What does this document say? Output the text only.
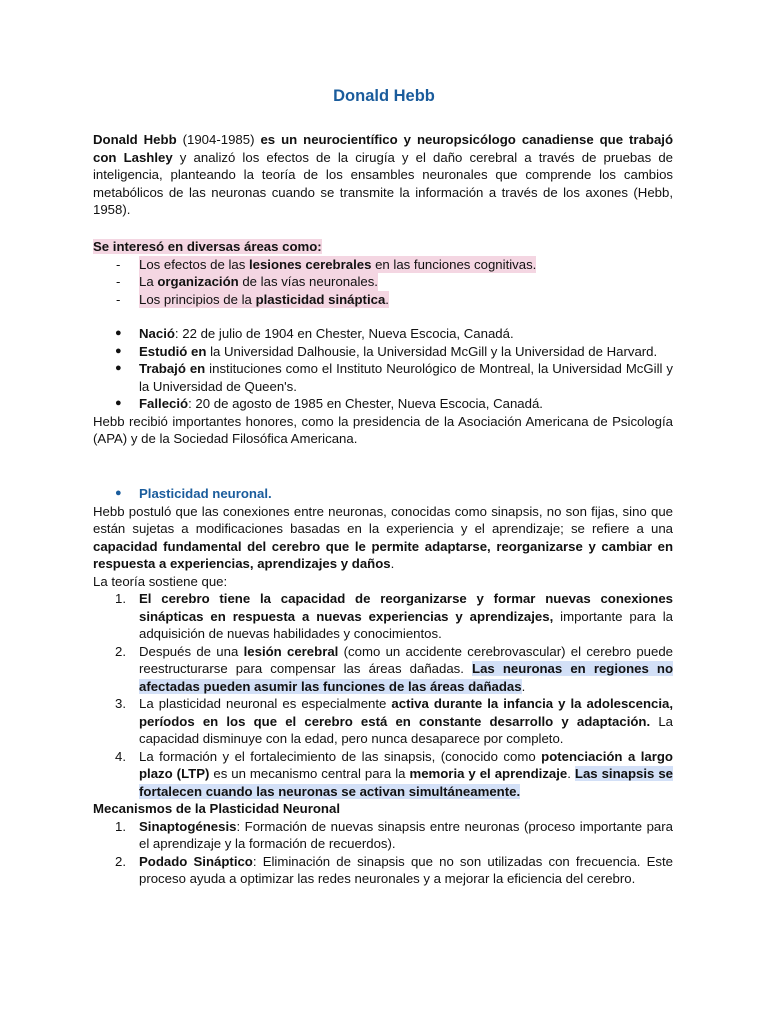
Donald Hebb

Donald Hebb (1904-1985) es un neurocientífico y neuropsicólogo canadiense que trabajó con Lashley y analizó los efectos de la cirugía y el daño cerebral a través de pruebas de inteligencia, planteando la teoría de los ensambles neuronales que comprende los cambios metabólicos de las neuronas cuando se transmite la información a través de los axones (Hebb, 1958).

Se interesó en diversas áreas como:
-	Los efectos de las lesiones cerebrales en las funciones cognitivas.
-	La organización de las vías neuronales.
-	Los principios de la plasticidad sináptica.
●	Nació: 22 de julio de 1904 en Chester, Nueva Escocia, Canadá.
●	Estudió en la Universidad Dalhousie, la Universidad McGill y la Universidad de Harvard.
●	Trabajó en instituciones como el Instituto Neurológico de Montreal, la Universidad McGill y la Universidad de Queen's.
●	Falleció: 20 de agosto de 1985 en Chester, Nueva Escocia, Canadá.

Hebb recibió importantes honores, como la presidencia de la Asociación Americana de Psicología (APA) y de la Sociedad Filosófica Americana.

●	Plasticidad neuronal.

Hebb postuló que las conexiones entre neuronas, conocidas como sinapsis, no son fijas, sino que están sujetas a modificaciones basadas en la experiencia y el aprendizaje; se refiere a una capacidad fundamental del cerebro que le permite adaptarse, reorganizarse y cambiar en respuesta a experiencias, aprendizajes y daños.

La teoría sostiene que:

1. El cerebro tiene la capacidad de reorganizarse y formar nuevas conexiones sinápticas en respuesta a nuevas experiencias y aprendizajes, importante para la adquisición de nuevas habilidades y conocimientos.
2. Después de una lesión cerebral (como un accidente cerebrovascular) el cerebro puede reestructurarse para compensar las áreas dañadas. Las neuronas en regiones no afectadas pueden asumir las funciones de las áreas dañadas.
3. La plasticidad neuronal es especialmente activa durante la infancia y la adolescencia, períodos en los que el cerebro está en constante desarrollo y adaptación. La capacidad disminuye con la edad, pero nunca desaparece por completo.
4. La formación y el fortalecimiento de las sinapsis, (conocido como potenciación a largo plazo (LTP) es un mecanismo central para la memoria y el aprendizaje. Las sinapsis se fortalecen cuando las neuronas se activan simultáneamente.
Mecanismos de la Plasticidad Neuronal
1. Sinaptogénesis: Formación de nuevas sinapsis entre neuronas (proceso importante para el aprendizaje y la formación de recuerdos).
2. Podado Sináptico: Eliminación de sinapsis que no son utilizadas con frecuencia. Este proceso ayuda a optimizar las redes neuronales y a mejorar la eficiencia del cerebro.
